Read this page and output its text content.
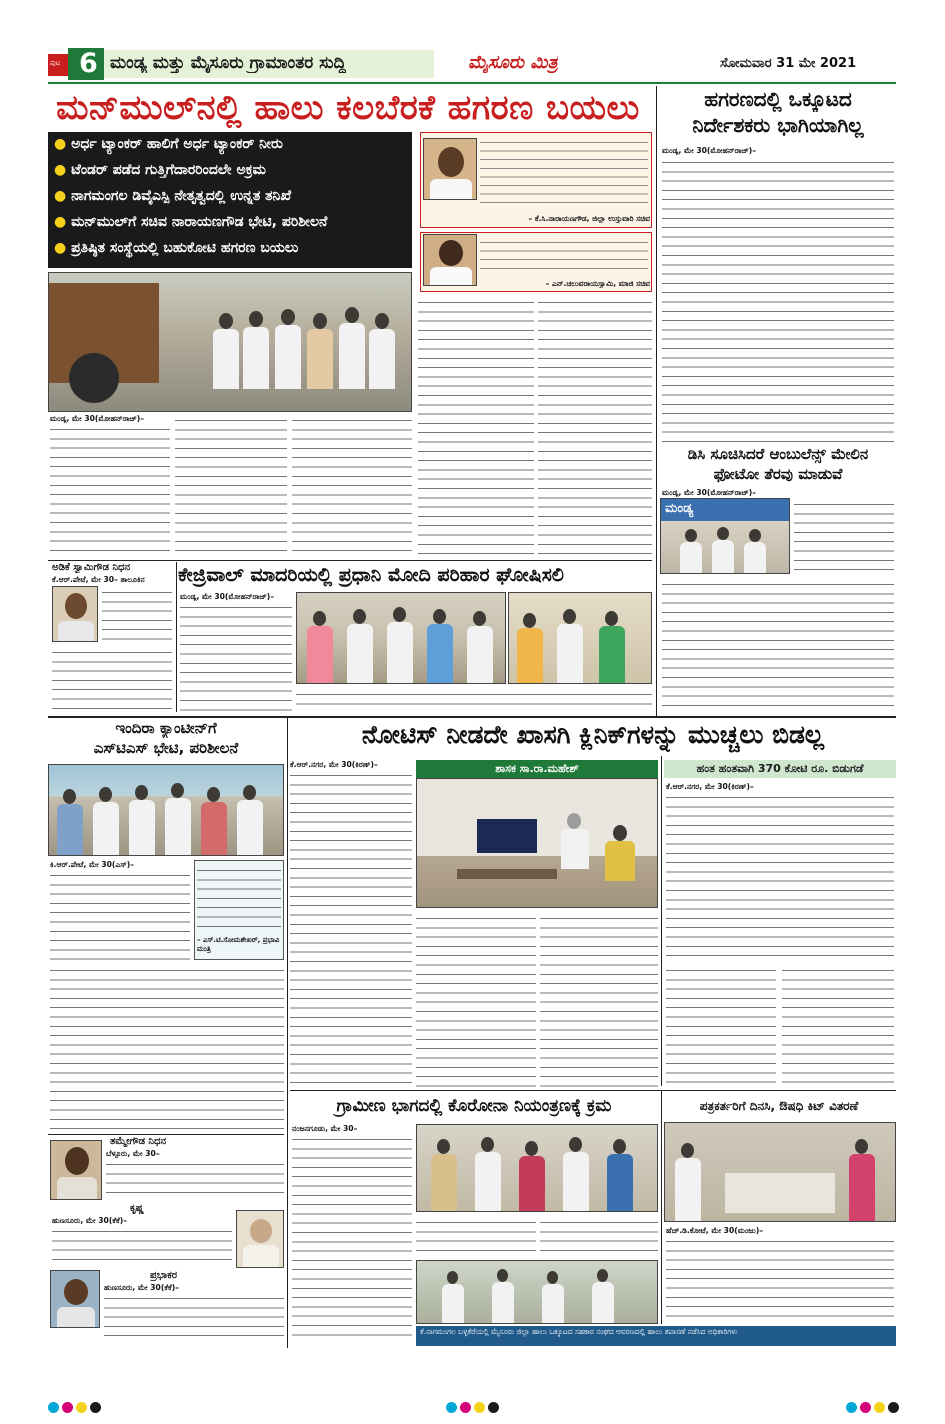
ಪುಟ 6 ಮಂಡ್ಯ ಮತ್ತು ಮೈಸೂರು ಗ್ರಾಮಾಂತರ ಸುದ್ದಿ	ಮೈಸೂರು ಮಿತ್ರ	ಸೋಮವಾರ 31 ಮೇ 2021
ಮನ್‌ಮುಲ್‌ನಲ್ಲಿ ಹಾಲು ಕಲಬೆರಕೆ ಹಗರಣ ಬಯಲು
● ಅರ್ಧ ಟ್ಯಾಂಕರ್ ಹಾಲಿಗೆ ಅರ್ಧ ಟ್ಯಾಂಕರ್ ನೀರು
● ಟೆಂಡರ್ ಪಡೆದ ಗುತ್ತಿಗೆದಾರರಿಂದಲೇ ಅಕ್ರಮ
● ನಾಗಮಂಗಲ ಡಿವೈಎಸ್ಪಿ ನೇತೃತ್ವದಲ್ಲಿ ಉನ್ನತ ತನಿಖೆ
● ಮನ್‌ಮುಲ್‌ಗೆ ಸಚಿವ ನಾರಾಯಣಗೌಡ ಭೇಟಿ, ಪರಿಶೀಲನೆ
● ಪ್ರತಿಷ್ಠಿತ ಸಂಸ್ಥೆಯಲ್ಲಿ ಬಹುಕೋಟಿ ಹಗರಣ ಬಯಲು
– ಕೆ.ಸಿ.ನಾರಾಯಣಗೌಡ, ಜಿಲ್ಲಾ ಉಸ್ತುವಾರಿ ಸಚಿವ
– ಎನ್.ಚಲುವರಾಯಸ್ವಾಮಿ, ಮಾಜಿ ಸಚಿವ
ಮಂಡ್ಯ, ಮೇ 30(ಮೋಹನ್‌ರಾಜ್)–
ಹಗರಣದಲ್ಲಿ ಒಕ್ಕೂಟದ
ನಿರ್ದೇಶಕರು ಭಾಗಿಯಾಗಿಲ್ಲ
ಮಂಡ್ಯ, ಮೇ 30(ಮೋಹನ್‌ರಾಜ್)–
ಡಿಸಿ ಸೂಚಿಸಿದರೆ ಆಂಬುಲೆನ್ಸ್ ಮೇಲಿನ
ಫೋಟೋ ತೆರವು ಮಾಡುವೆ
ಮಂಡ್ಯ, ಮೇ 30(ಮೋಹನ್‌ರಾಜ್)–
ಮಂಡ್ಯ
ಅಡಿಕೆ ಸ್ವಾಮಿಗೌಡ ನಿಧನ
ಕೆ.ಆರ್.ಪೇಟೆ, ಮೇ 30– ತಾಲೂಕಿನ	ಕೇಜ್ರಿವಾಲ್ ಮಾದರಿಯಲ್ಲಿ ಪ್ರಧಾನಿ ಮೋದಿ ಪರಿಹಾರ ಘೋಷಿಸಲಿ
ಮಂಡ್ಯ, ಮೇ 30(ಮೋಹನ್‌ರಾಜ್)–
ಇಂದಿರಾ ಕ್ಯಾಂಟೀನ್‌ಗೆ
ಎಸ್‌ಟಿಎಸ್ ಭೇಟಿ, ಪರಿಶೀಲನೆ
ಕಿ.ಆರ್.ಪೇಟೆ, ಮೇ 30(ಎಸ್)–
– ಎಸ್.ಟಿ.ಸೋಮಶೇಖರ್, ಪ್ರಭಾವಿ ಮಂತ್ರಿ
ತಮ್ಮೇಗೌಡ ನಿಧನ
ಬೆಳ್ಳೂರು, ಮೇ 30–
ಕೃಷ್ಣ
ಹುಣಸೂರು, ಮೇ 30(ಕೆಕೆ)–
ಪ್ರಭಾಕರ
ಹುಣಸೂರು, ಮೇ 30(ಕೆಕೆ)–
ನೋಟಿಸ್ ನೀಡದೇ ಖಾಸಗಿ ಕ್ಲಿನಿಕ್‌ಗಳನ್ನು ಮುಚ್ಚಲು ಬಿಡಲ್ಲ
ಕೆ.ಆರ್.ನಗರ, ಮೇ 30(ಕಿರಣ್)–	ಶಾಸಕ ಸಾ.ರಾ.ಮಹೇಶ್	ಹಂತ ಹಂತವಾಗಿ 370 ಕೋಟಿ ರೂ. ಬಿಡುಗಡೆ
ಕೆ.ಆರ್.ನಗರ, ಮೇ 30(ಕಿರಣ್)–
ಗ್ರಾಮೀಣ ಭಾಗದಲ್ಲಿ ಕೊರೋನಾ ನಿಯಂತ್ರಣಕ್ಕೆ ಕ್ರಮ
ನಂಜನಗೂಡು, ಮೇ 30–
ಕೆ.ನಾಗಮಂಗಲ ಬಳ್ಳಕೆರೆಯಲ್ಲಿ ಮೈಸೂರು ಜಿಲ್ಲಾ ಹಾಲು ಒಕ್ಕೂಟದ ಸಹಕಾರ ಸಂಘದ ಆವರಣದಲ್ಲಿ ಹಾಲು ತಪಾಸಣೆ ನಡೆಸಿದ ಅಧಿಕಾರಿಗಳು
ಪತ್ರಕರ್ತರಿಗೆ ದಿನಸಿ, ಔಷಧಿ ಕಿಟ್ ವಿತರಣೆ
ಹೆಚ್.ಡಿ.ಕೋಟೆ, ಮೇ 30(ಮಂಜು)–
